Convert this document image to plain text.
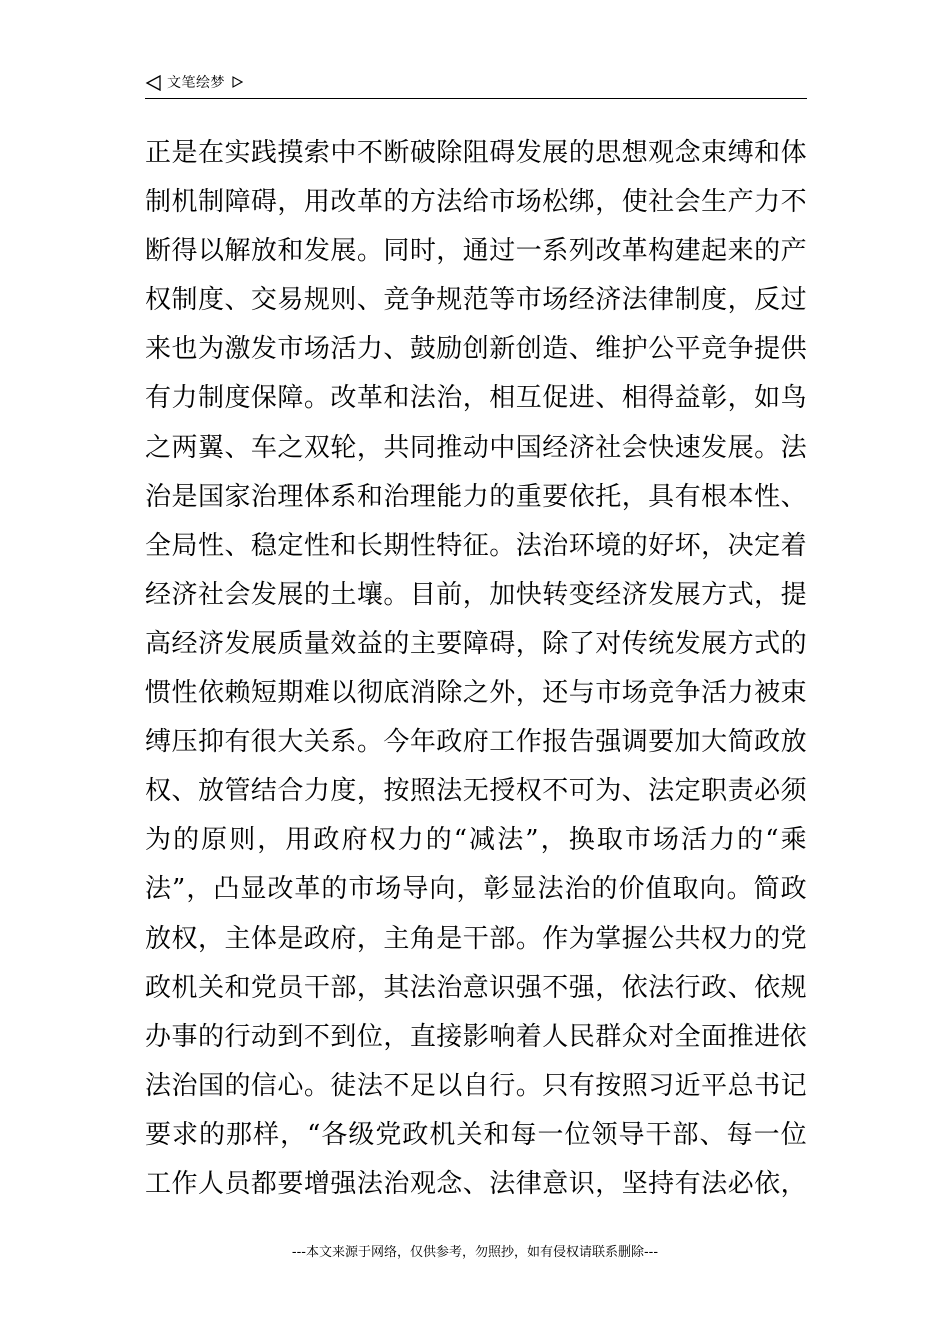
文笔绘梦
正是在实践摸索中不断破除阻碍发展的思想观念束缚和体
制机制障碍，用改革的方法给市场松绑，使社会生产力不
断得以解放和发展。同时，通过一系列改革构建起来的产
权制度、交易规则、竞争规范等市场经济法律制度，反过
来也为激发市场活力、鼓励创新创造、维护公平竞争提供
有力制度保障。改革和法治，相互促进、相得益彰，如鸟
之两翼、车之双轮，共同推动中国经济社会快速发展。法
治是国家治理体系和治理能力的重要依托，具有根本性、
全局性、稳定性和长期性特征。法治环境的好坏，决定着
经济社会发展的土壤。目前，加快转变经济发展方式，提
高经济发展质量效益的主要障碍，除了对传统发展方式的
惯性依赖短期难以彻底消除之外，还与市场竞争活力被束
缚压抑有很大关系。今年政府工作报告强调要加大简政放
权、放管结合力度，按照法无授权不可为、法定职责必须
为的原则，用政府权力的“减法”，换取市场活力的“乘
法”，凸显改革的市场导向，彰显法治的价值取向。简政
放权，主体是政府，主角是干部。作为掌握公共权力的党
政机关和党员干部，其法治意识强不强，依法行政、依规
办事的行动到不到位，直接影响着人民群众对全面推进依
法治国的信心。徒法不足以自行。只有按照习近平总书记
要求的那样，“各级党政机关和每一位领导干部、每一位
工作人员都要增强法治观念、法律意识，坚持有法必依，
---本文来源于网络，仅供参考，勿照抄，如有侵权请联系删除---
